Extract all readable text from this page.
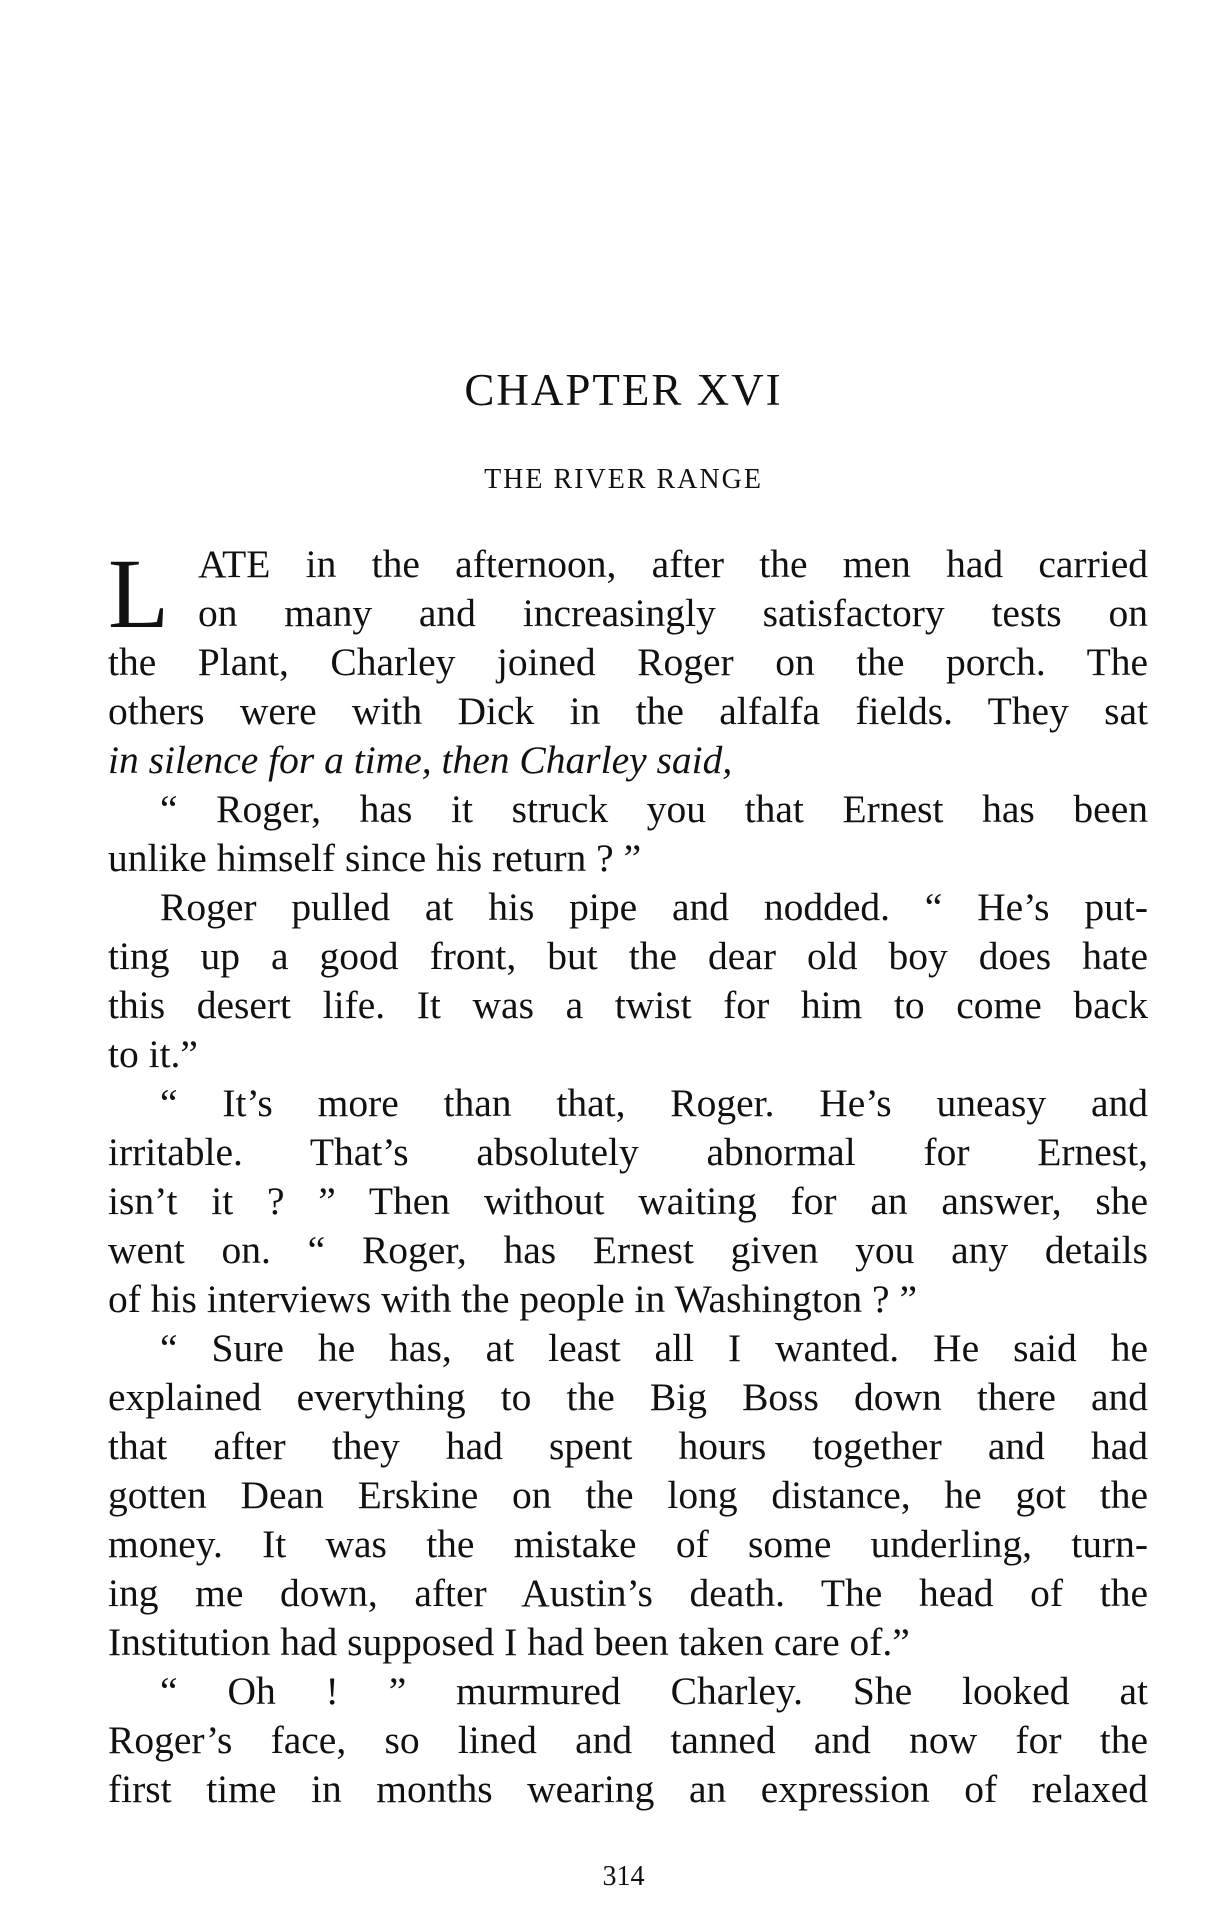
CHAPTER XVI
THE RIVER RANGE
L ATE in the afternoon, after the men had carried
on many and increasingly satisfactory tests on
the Plant, Charley joined Roger on the porch. The
others were with Dick in the alfalfa fields. They sat
in silence for a time, then Charley said,
“ Roger, has it struck you that Ernest has been
unlike himself since his return ? ”
Roger pulled at his pipe and nodded. “ He’s put-
ting up a good front, but the dear old boy does hate
this desert life. It was a twist for him to come back
to it.”
“ It’s more than that, Roger. He’s uneasy and
irritable. That’s absolutely abnormal for Ernest,
isn’t it ? ” Then without waiting for an answer, she
went on. “ Roger, has Ernest given you any details
of his interviews with the people in Washington ? ”
“ Sure he has, at least all I wanted. He said he
explained everything to the Big Boss down there and
that after they had spent hours together and had
gotten Dean Erskine on the long distance, he got the
money. It was the mistake of some underling, turn-
ing me down, after Austin’s death. The head of the
Institution had supposed I had been taken care of.”
“ Oh ! ” murmured Charley. She looked at
Roger’s face, so lined and tanned and now for the
first time in months wearing an expression of relaxed
314
